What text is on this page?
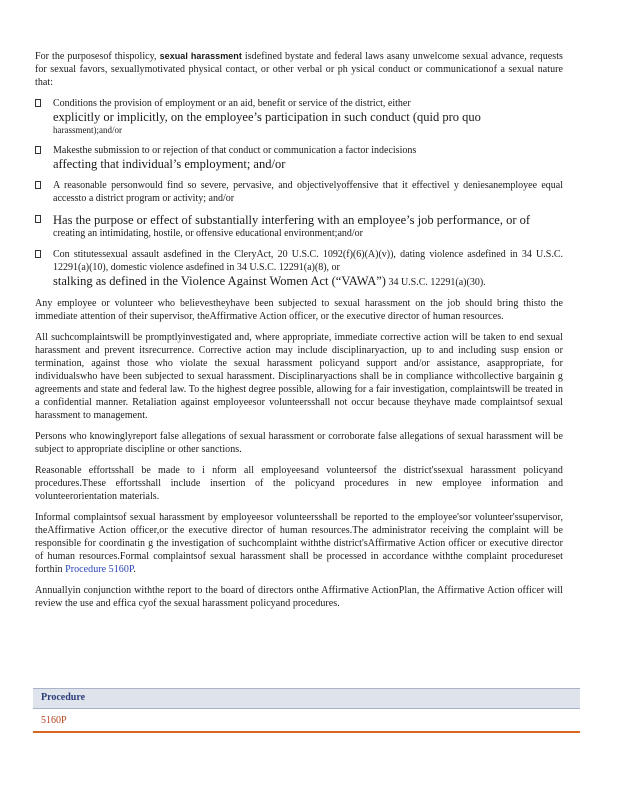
For the purposesof thispolicy, sexual harassment isdefined bystate and federal laws asany unwelcome sexual advance, requests for sexual favors, sexuallymotivated physical contact, or other verbal or ph ysical conduct or communicationof a sexual nature that:

Conditions the provision of employment or an aid, benefit or service of the district, either
explicitly or implicitly, on the employee’s participation in such conduct (quid pro quo
harassment);and/or
Makesthe submission to or rejection of that conduct or communication a factor indecisions
affecting that individual’s employment; and/or
A reasonable personwould find so severe, pervasive, and objectivelyoffensive that it effectivel y deniesanemployee equal accessto a district program or activity; and/or
Has the purpose or effect of substantially interfering with an employee’s job performance, or of
creating an intimidating, hostile, or offensive educational environment;and/or
Con stitutessexual assault asdefined in the CleryAct, 20 U.S.C. 1092(f)(6)(A)(v)), dating violence asdefined in 34 U.S.C. 12291(a)(10), domestic violence asdefined in 34 U.S.C. 12291(a)(8), or
stalking as defined in the Violence Against Women Act (“VAWA”) 34 U.S.C. 12291(a)(30).

Any employee or volunteer who believestheyhave been subjected to sexual harassment on the job should bring thisto the immediate attention of their supervisor, theAffirmative Action officer, or the executive director of human resources.

All suchcomplaintswill be promptlyinvestigated and, where appropriate, immediate corrective action will be taken to end sexual harassment and prevent itsrecurrence. Corrective action may include disciplinaryaction, up to and including susp ension or termination, against those who violate the sexual harassment policyand support and/or assistance, asappropriate, for individualswho have been subjected to sexual harassment. Disciplinaryactions shall be in compliance withcollective bargainin g agreements and state and federal law. To the highest degree possible, allowing for a fair investigation, complaintswill be treated in a confidential manner. Retaliation against employeesor volunteersshall not occur because theyhave made complaintsof sexual harassment to management.

Persons who knowinglyreport false allegations of sexual harassment or corroborate false allegations of sexual harassment will be subject to appropriate discipline or other sanctions.

Reasonable effortsshall be made to i nform all employeesand volunteersof the district'ssexual harassment policyand procedures.These effortsshall include insertion of the policyand procedures in new employee information and volunteerorientation materials.

Informal complaintsof sexual harassment by employeesor volunteersshall be reported to the employee'sor volunteer'ssupervisor, theAffirmative Action officer,or the executive director of human resources.The administrator receiving the complaint will be responsible for coordinatin g the investigation of suchcomplaint withthe district'sAffirmative Action officer or executive director of human resources.Formal complaintsof sexual harassment shall be processed in accordance withthe complaint procedureset forthin Procedure 5160P.

Annuallyin conjunction withthe report to the board of directors onthe Affirmative ActionPlan, the Affirmative Action officer will review the use and effica cyof the sexual harassment policyand procedures.

Procedure
5160P
